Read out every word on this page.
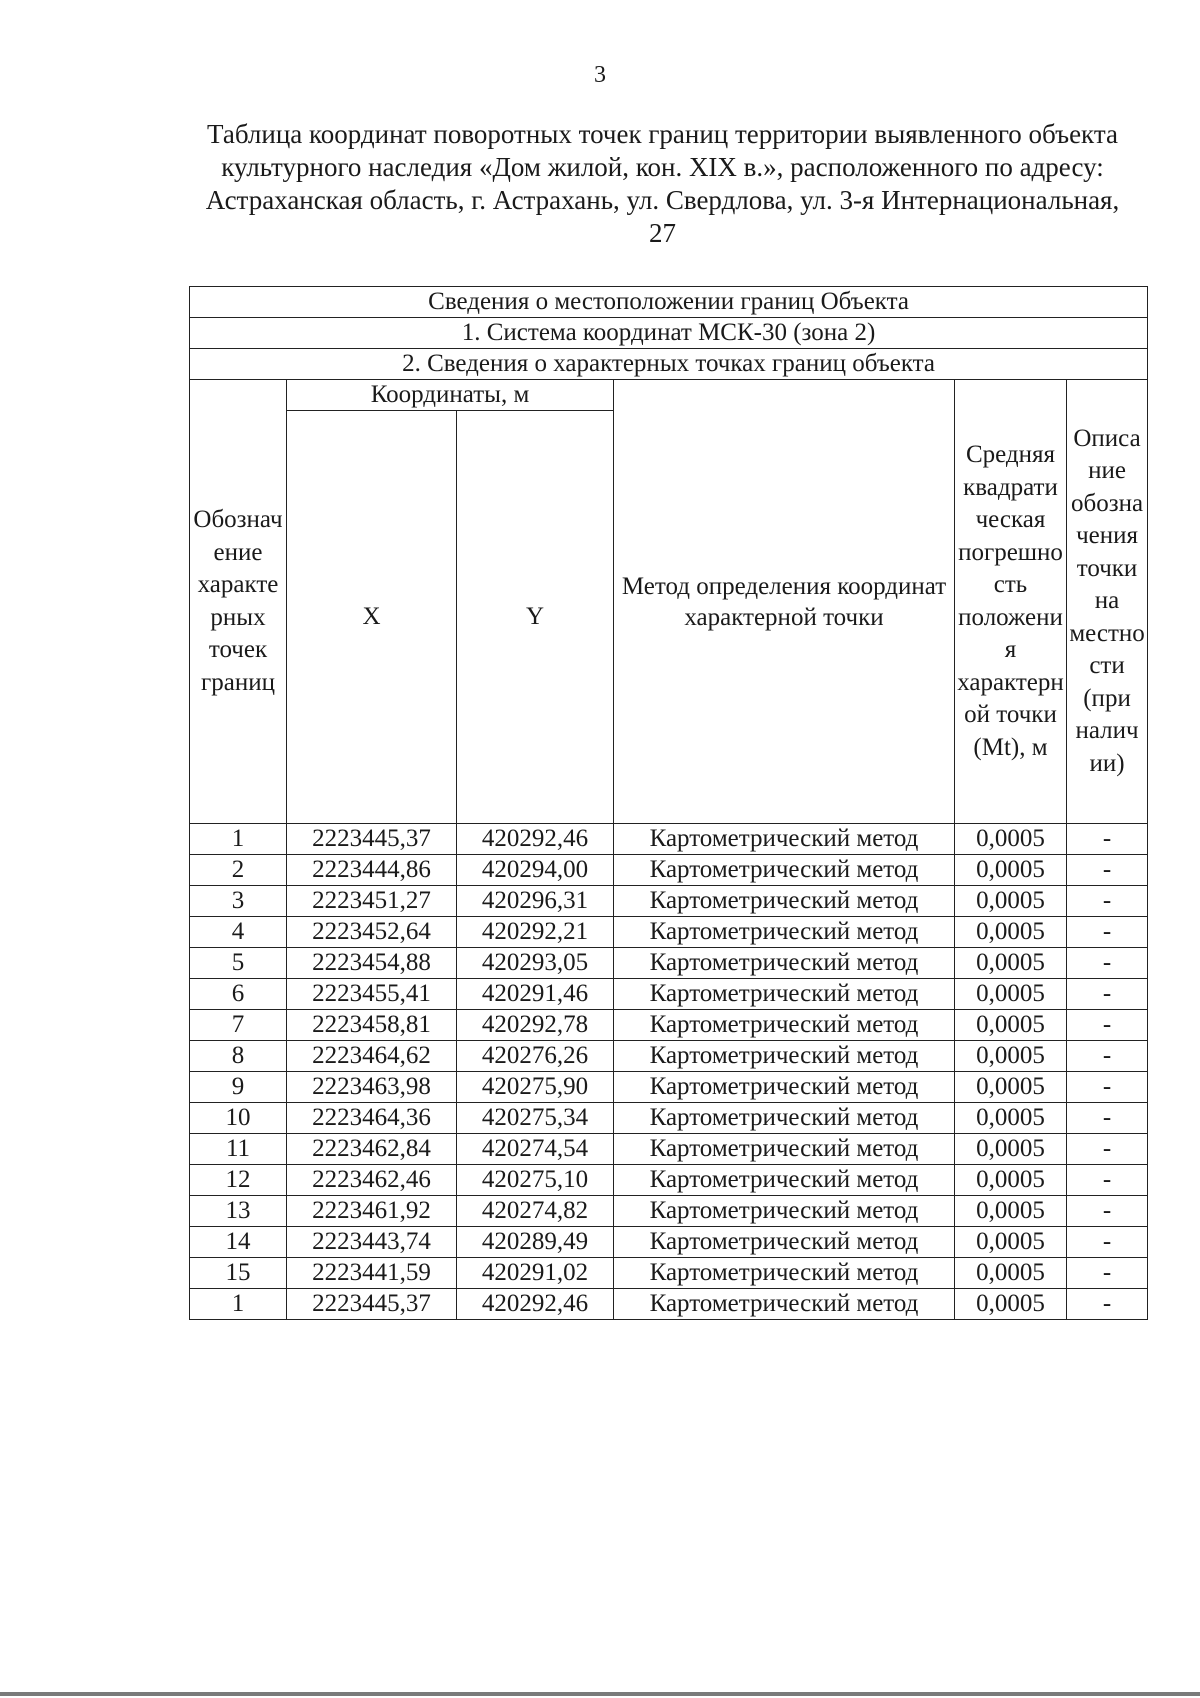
3
Таблица координат поворотных точек границ территории выявленного объекта культурного наследия «Дом жилой, кон. XIX в.», расположенного по адресу: Астраханская область, г. Астрахань, ул. Свердлова, ул. 3-я Интернациональная, 27
Сведения о местоположении границ Объекта					
1. Система координат МСК-30 (зона 2)					
2. Сведения о характерных точках границ объекта					
Обозначение характерных точек границ	Координаты, м		Метод определения координат характерной точки	Средняя квадратическая погрешность положения характерной точки (Mt), м	Описание обозначения точки на местности (при наличии)
	X	Y			
1	2223445,37	420292,46	Картометрический метод	0,0005	-
2	2223444,86	420294,00	Картометрический метод	0,0005	-
3	2223451,27	420296,31	Картометрический метод	0,0005	-
4	2223452,64	420292,21	Картометрический метод	0,0005	-
5	2223454,88	420293,05	Картометрический метод	0,0005	-
6	2223455,41	420291,46	Картометрический метод	0,0005	-
7	2223458,81	420292,78	Картометрический метод	0,0005	-
8	2223464,62	420276,26	Картометрический метод	0,0005	-
9	2223463,98	420275,90	Картометрический метод	0,0005	-
10	2223464,36	420275,34	Картометрический метод	0,0005	-
11	2223462,84	420274,54	Картометрический метод	0,0005	-
12	2223462,46	420275,10	Картометрический метод	0,0005	-
13	2223461,92	420274,82	Картометрический метод	0,0005	-
14	2223443,74	420289,49	Картометрический метод	0,0005	-
15	2223441,59	420291,02	Картометрический метод	0,0005	-
1	2223445,37	420292,46	Картометрический метод	0,0005	-
